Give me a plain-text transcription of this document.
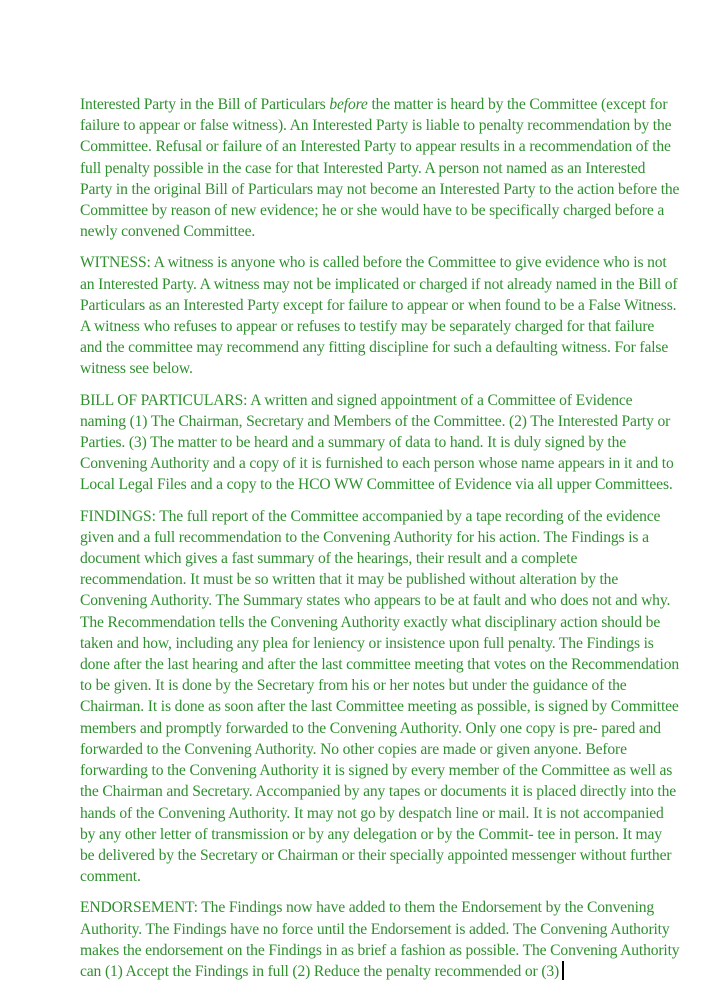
Interested Party in the Bill of Particulars before the matter is heard by the Committee (except for failure to appear or false witness). An Interested Party is liable to penalty recommendation by the Committee. Refusal or failure of an Interested Party to appear results in a recommendation of the full penalty possible in the case for that Interested Party. A person not named as an Interested Party in the original Bill of Particulars may not become an Interested Party to the action before the Committee by reason of new evidence; he or she would have to be specifically charged before a newly convened Committee.

WITNESS: A witness is anyone who is called before the Committee to give evidence who is not an Interested Party. A witness may not be implicated or charged if not already named in the Bill of Particulars as an Interested Party except for failure to appear or when found to be a False Witness. A witness who refuses to appear or refuses to testify may be separately charged for that failure and the committee may recommend any fitting discipline for such a defaulting witness. For false witness see below.

BILL OF PARTICULARS: A written and signed appointment of a Committee of Evidence naming (1) The Chairman, Secretary and Members of the Committee. (2) The Interested Party or Parties. (3) The matter to be heard and a summary of data to hand. It is duly signed by the Convening Authority and a copy of it is furnished to each person whose name appears in it and to Local Legal Files and a copy to the HCO WW Committee of Evidence via all upper Committees.

FINDINGS: The full report of the Committee accompanied by a tape recording of the evidence given and a full recommendation to the Convening Authority for his action. The Findings is a document which gives a fast summary of the hearings, their result and a complete recommendation. It must be so written that it may be published without alteration by the Convening Authority. The Summary states who appears to be at fault and who does not and why. The Recommendation tells the Convening Authority exactly what disciplinary action should be taken and how, including any plea for leniency or insistence upon full penalty. The Findings is done after the last hearing and after the last committee meeting that votes on the Recommendation to be given. It is done by the Secretary from his or her notes but under the guidance of the Chairman. It is done as soon after the last Committee meeting as possible, is signed by Committee members and promptly forwarded to the Convening Authority. Only one copy is pre- pared and forwarded to the Convening Authority. No other copies are made or given anyone. Before forwarding to the Convening Authority it is signed by every member of the Committee as well as the Chairman and Secretary. Accompanied by any tapes or documents it is placed directly into the hands of the Convening Authority. It may not go by despatch line or mail. It is not accompanied by any other letter of transmission or by any delegation or by the Commit- tee in person. It may be delivered by the Secretary or Chairman or their specially appointed messenger without further comment.

ENDORSEMENT: The Findings now have added to them the Endorsement by the Convening Authority. The Findings have no force until the Endorsement is added. The Convening Authority makes the endorsement on the Findings in as brief a fashion as possible. The Convening Authority can (1) Accept the Findings in full (2) Reduce the penalty recommended or (3)
